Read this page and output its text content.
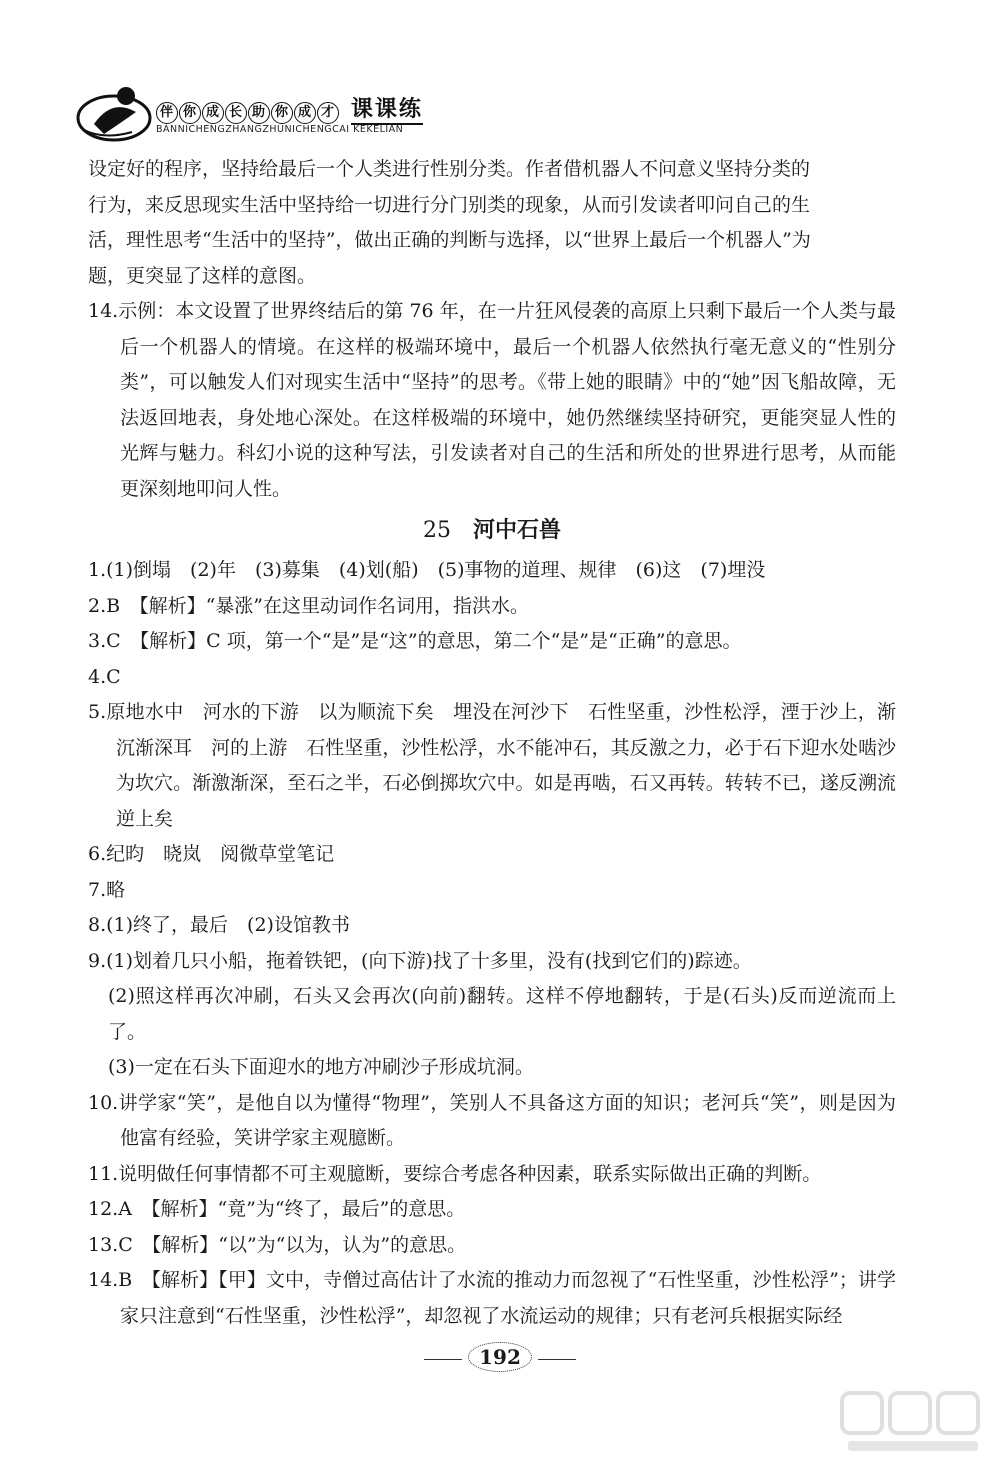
伴 你 成 长 助 你 成 才 课课练
BANNICHENGZHANGZHUNICHENGCAI KEKELIAN

设定好的程序，坚持给最后一个人类进行性别分类。作者借机器人不问意义坚持分类的

行为，来反思现实生活中坚持给一切进行分门别类的现象，从而引发读者叩问自己的生

活，理性思考“生活中的坚持”，做出正确的判断与选择，以“世界上最后一个机器人”为

题，更突显了这样的意图。

14.示例：本文设置了世界终结后的第 76 年，在一片狂风侵袭的高原上只剩下最后一个人类与最后一个机器人的情境。在这样的极端环境中，最后一个机器人依然执行毫无意义的“性别分类”，可以触发人们对现实生活中“坚持”的思考。《带上她的眼睛》中的“她”因飞船故障，无法返回地表，身处地心深处。在这样极端的环境中，她仍然继续坚持研究，更能突显人性的光辉与魅力。科幻小说的这种写法，引发读者对自己的生活和所处的世界进行思考，从而能更深刻地叩问人性。

25 河中石兽

1.(1)倒塌　(2)年　(3)募集　(4)划(船)　(5)事物的道理、规律　(6)这　(7)埋没

2.B　【解析】“暴涨”在这里动词作名词用，指洪水。

3.C　【解析】C 项，第一个“是”是“这”的意思，第二个“是”是“正确”的意思。

4.C

5.原地水中　河水的下游　以为顺流下矣　埋没在河沙下　石性坚重，沙性松浮，湮于沙上，渐沉渐深耳　河的上游　石性坚重，沙性松浮，水不能冲石，其反激之力，必于石下迎水处啮沙为坎穴。渐激渐深，至石之半，石必倒掷坎穴中。如是再啮，石又再转。转转不已，遂反溯流逆上矣

6.纪昀　晓岚　阅微草堂笔记

7.略

8.(1)终了，最后　(2)设馆教书

9.(1)划着几只小船，拖着铁钯，(向下游)找了十多里，没有(找到它们的)踪迹。

(2)照这样再次冲刷，石头又会再次(向前)翻转。这样不停地翻转，于是(石头)反而逆流而上了。

(3)一定在石头下面迎水的地方冲刷沙子形成坑洞。

10.讲学家“笑”，是他自以为懂得“物理”，笑别人不具备这方面的知识；老河兵“笑”，则是因为他富有经验，笑讲学家主观臆断。

11.说明做任何事情都不可主观臆断，要综合考虑各种因素，联系实际做出正确的判断。

12.A　【解析】“竟”为“终了，最后”的意思。

13.C　【解析】“以”为“以为，认为”的意思。

14.B　【解析】【甲】文中，寺僧过高估计了水流的推动力而忽视了“石性坚重，沙性松浮”；讲学家只注意到“石性坚重，沙性松浮”，却忽视了水流运动的规律；只有老河兵根据实际经

192
